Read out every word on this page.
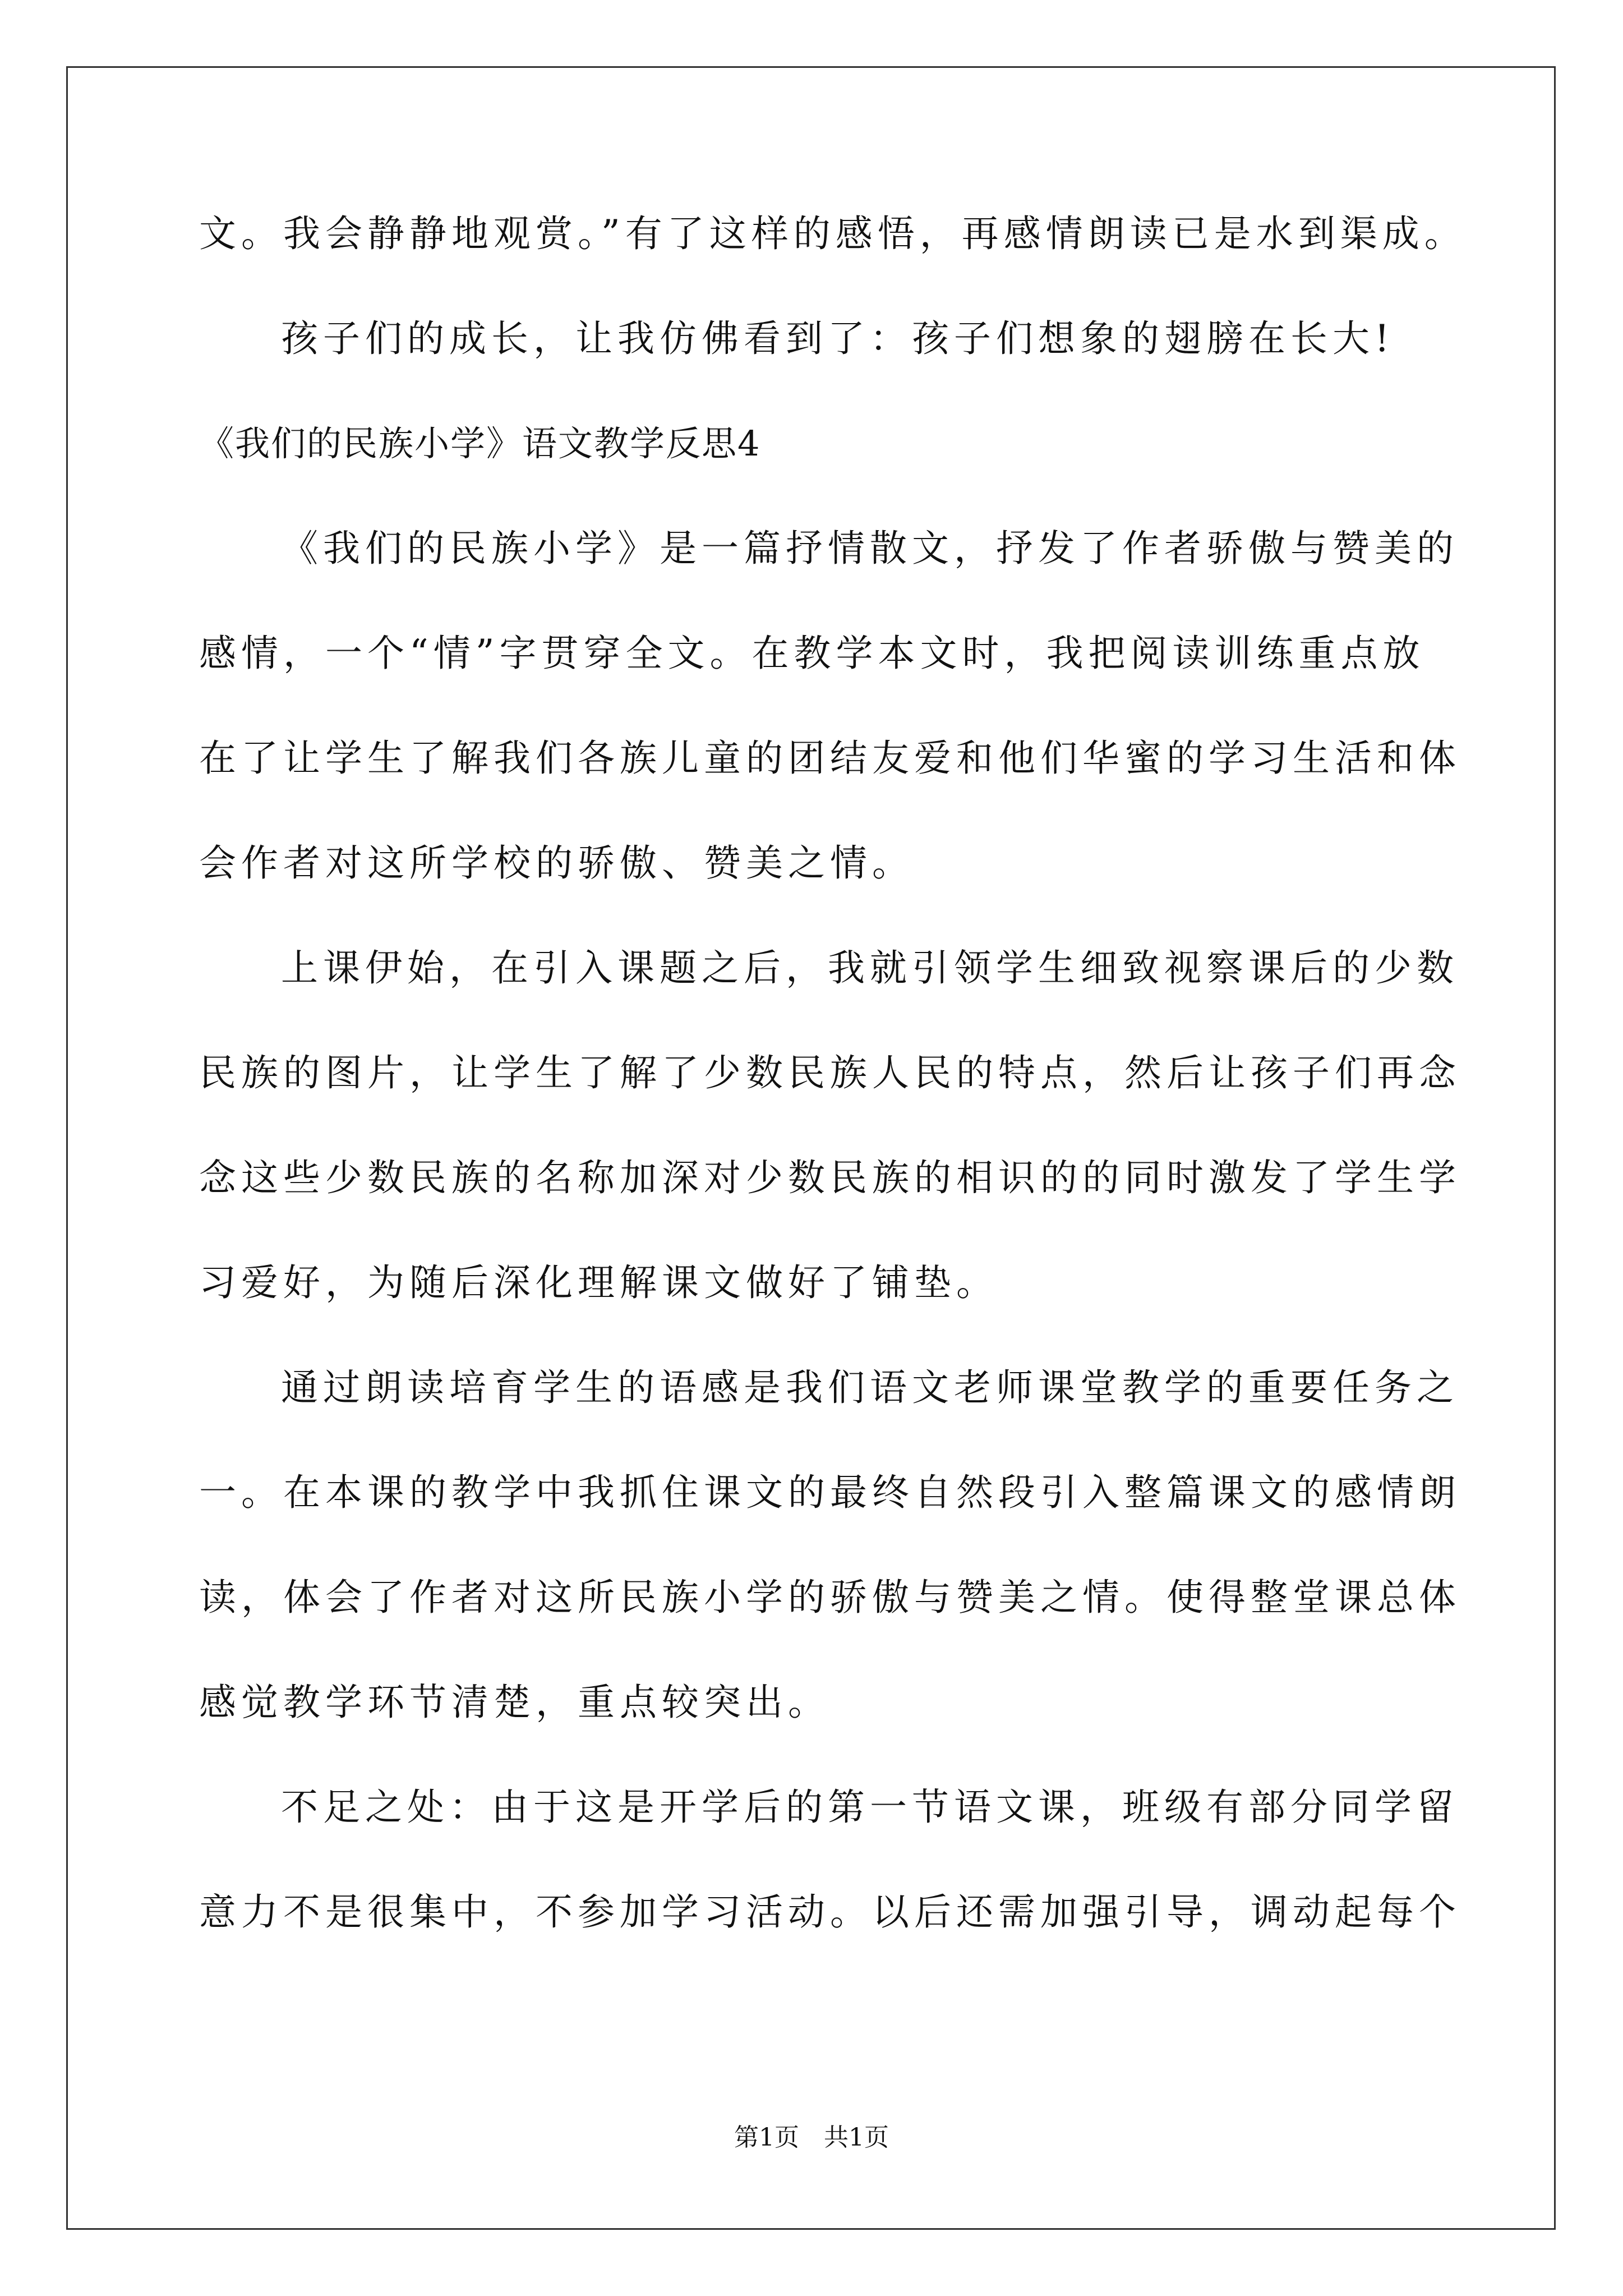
文。我会静静地观赏。”有了这样的感悟，再感情朗读已是水到渠成。

孩子们的成长，让我仿佛看到了：孩子们想象的翅膀在长大!

《我们的民族小学》语文教学反思4

《我们的民族小学》是一篇抒情散文，抒发了作者骄傲与赞美的

感情，一个“情”字贯穿全文。在教学本文时，我把阅读训练重点放

在了让学生了解我们各族儿童的团结友爱和他们华蜜的学习生活和体

会作者对这所学校的骄傲、赞美之情。

上课伊始，在引入课题之后，我就引领学生细致视察课后的少数

民族的图片，让学生了解了少数民族人民的特点，然后让孩子们再念

念这些少数民族的名称加深对少数民族的相识的的同时激发了学生学

习爱好，为随后深化理解课文做好了铺垫。

通过朗读培育学生的语感是我们语文老师课堂教学的重要任务之

一。在本课的教学中我抓住课文的最终自然段引入整篇课文的感情朗

读，体会了作者对这所民族小学的骄傲与赞美之情。使得整堂课总体

感觉教学环节清楚，重点较突出。

不足之处：由于这是开学后的第一节语文课，班级有部分同学留

意力不是很集中，不参加学习活动。以后还需加强引导，调动起每个

第1页　共1页
